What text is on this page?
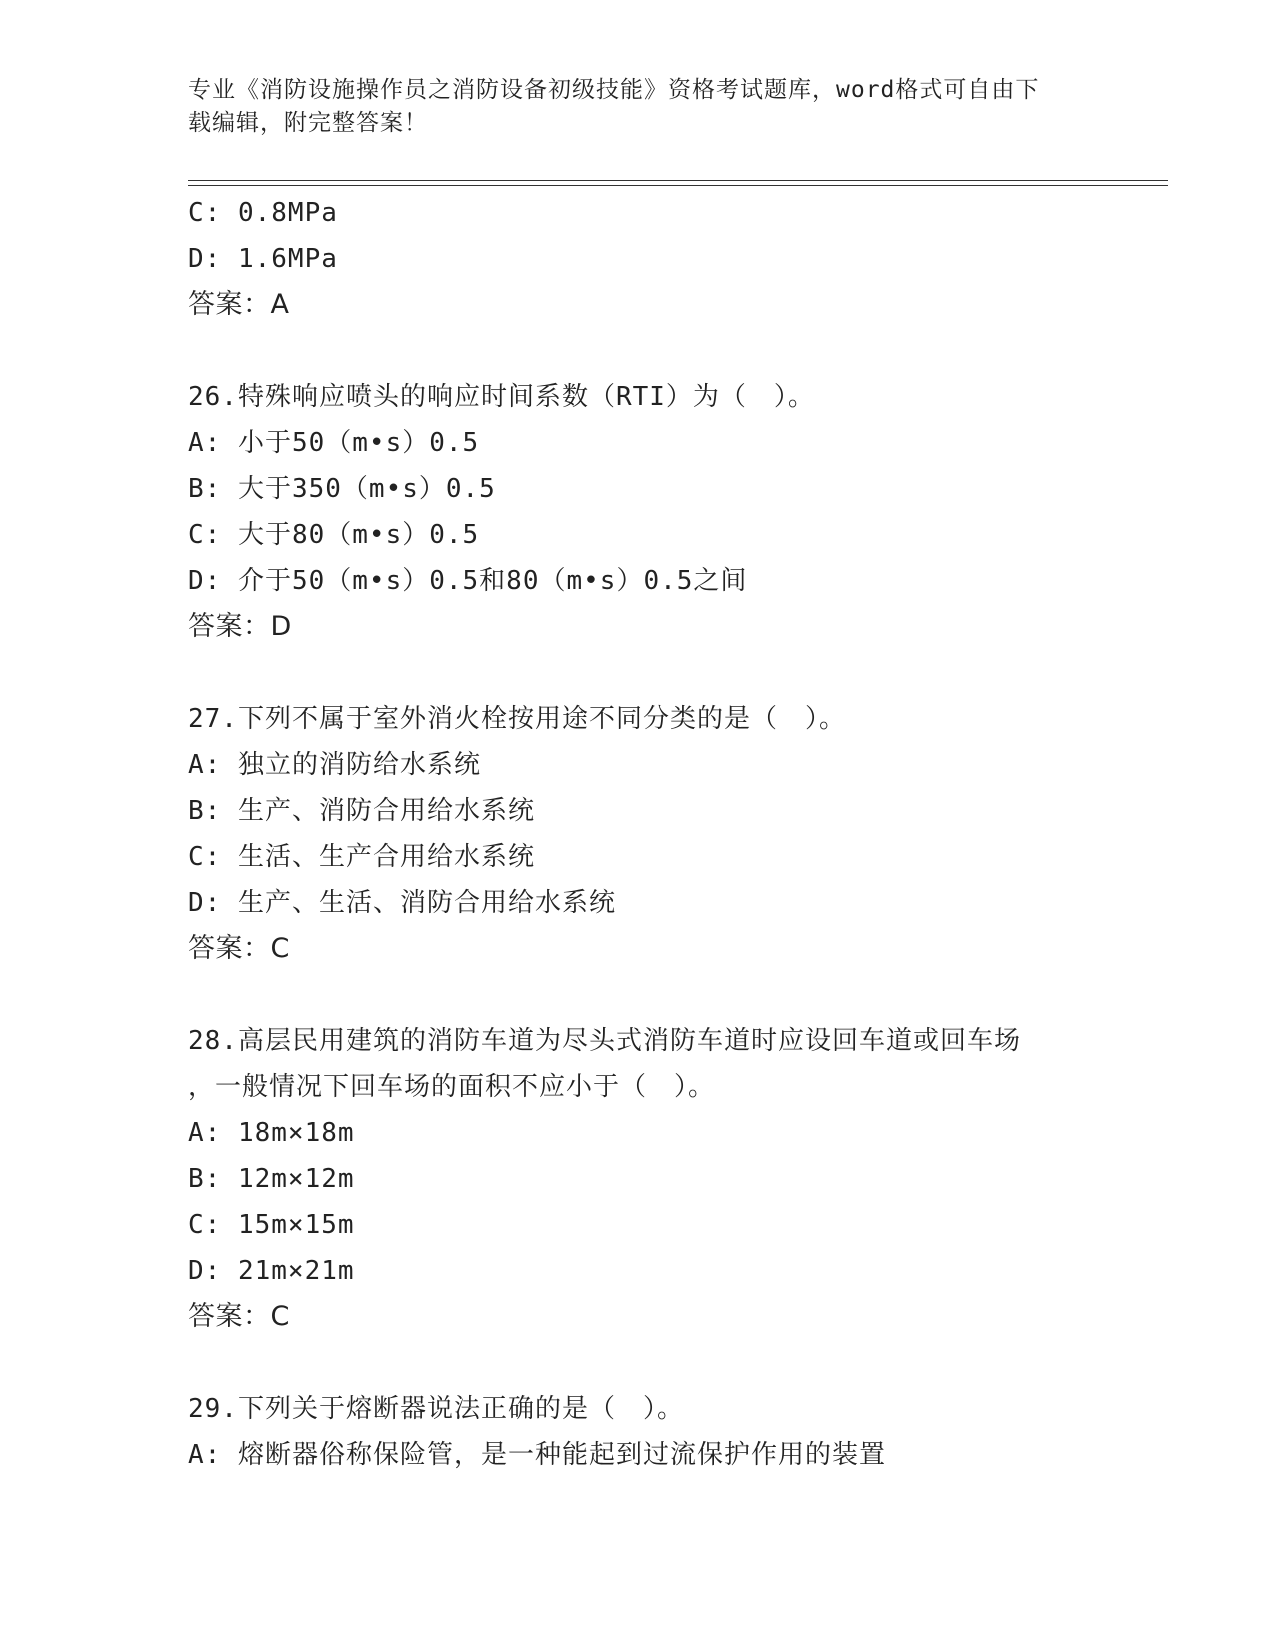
专业《消防设施操作员之消防设备初级技能》资格考试题库，word格式可自由下
载编辑，附完整答案！
C: 0.8MPa
D: 1.6MPa
答案：A
26.特殊响应喷头的响应时间系数（RTI）为（　）。
A: 小于50（m•s）0.5
B: 大于350（m•s）0.5
C: 大于80（m•s）0.5
D: 介于50（m•s）0.5和80（m•s）0.5之间
答案：D
27.下列不属于室外消火栓按用途不同分类的是（　）。
A: 独立的消防给水系统
B: 生产、消防合用给水系统
C: 生活、生产合用给水系统
D: 生产、生活、消防合用给水系统
答案：C
28.高层民用建筑的消防车道为尽头式消防车道时应设回车道或回车场
，一般情况下回车场的面积不应小于（　）。
A: 18m×18m
B: 12m×12m
C: 15m×15m
D: 21m×21m
答案：C
29.下列关于熔断器说法正确的是（　）。
A: 熔断器俗称保险管，是一种能起到过流保护作用的装置
